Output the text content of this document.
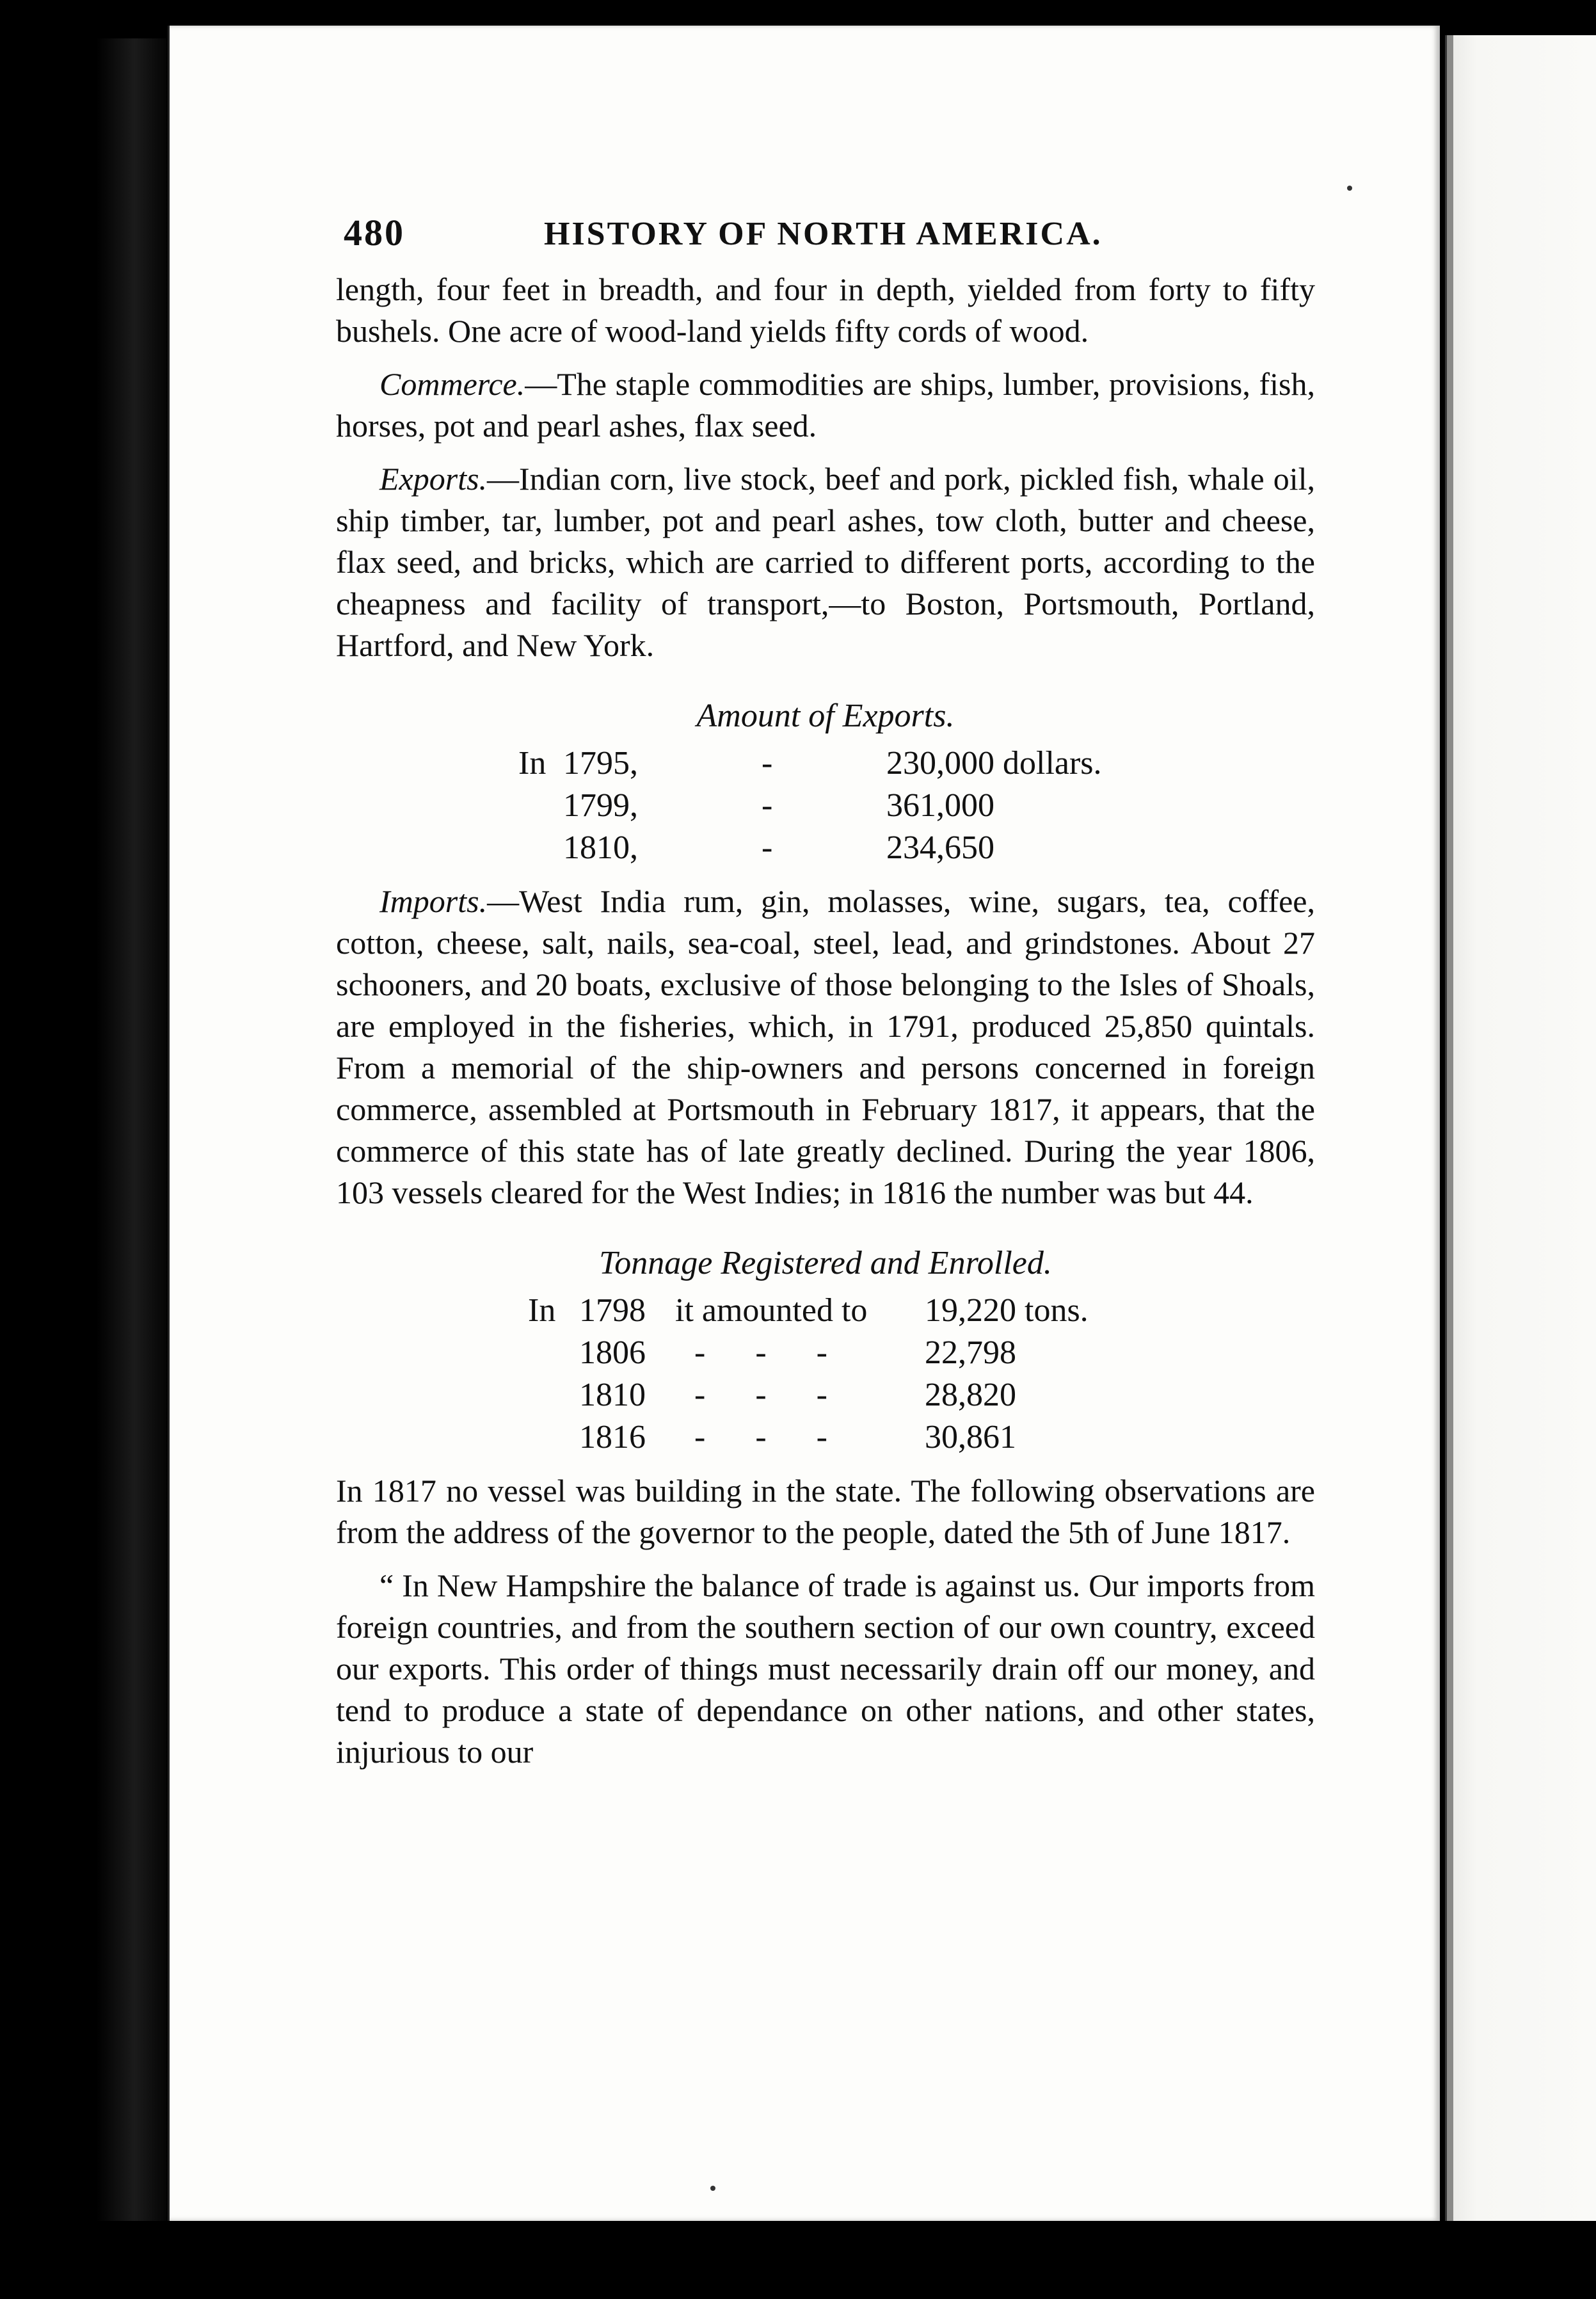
480	HISTORY OF NORTH AMERICA.

length, four feet in breadth, and four in depth, yielded from forty to fifty bushels. One acre of wood-land yields fifty cords of wood.

Commerce.—The staple commodities are ships, lumber, provisions, fish, horses, pot and pearl ashes, flax seed.

Exports.—Indian corn, live stock, beef and pork, pickled fish, whale oil, ship timber, tar, lumber, pot and pearl ashes, tow cloth, butter and cheese, flax seed, and bricks, which are carried to different ports, according to the cheapness and facility of transport,—to Boston, Portsmouth, Portland, Hartford, and New York.

Amount of Exports.
In 1795,	-	230,000 dollars.
1799,	-	361,000
1810,	-	234,650

Imports.—West India rum, gin, molasses, wine, sugars, tea, coffee, cotton, cheese, salt, nails, sea-coal, steel, lead, and grindstones. About 27 schooners, and 20 boats, exclusive of those belonging to the Isles of Shoals, are employed in the fisheries, which, in 1791, produced 25,850 quintals. From a memorial of the ship-owners and persons concerned in foreign commerce, assembled at Portsmouth in February 1817, it appears, that the commerce of this state has of late greatly declined. During the year 1806, 103 vessels cleared for the West Indies; in 1816 the number was but 44.

Tonnage Registered and Enrolled.
In 1798 it amounted to 19,220 tons.
1806 -      -      -	22,798
1810 -      -      -	28,820
1816 -      -      -	30,861

In 1817 no vessel was building in the state. The following observations are from the address of the governor to the people, dated the 5th of June 1817.

“ In New Hampshire the balance of trade is against us. Our imports from foreign countries, and from the southern section of our own country, exceed our exports. This order of things must necessarily drain off our money, and tend to produce a state of dependance on other nations, and other states, injurious to our
